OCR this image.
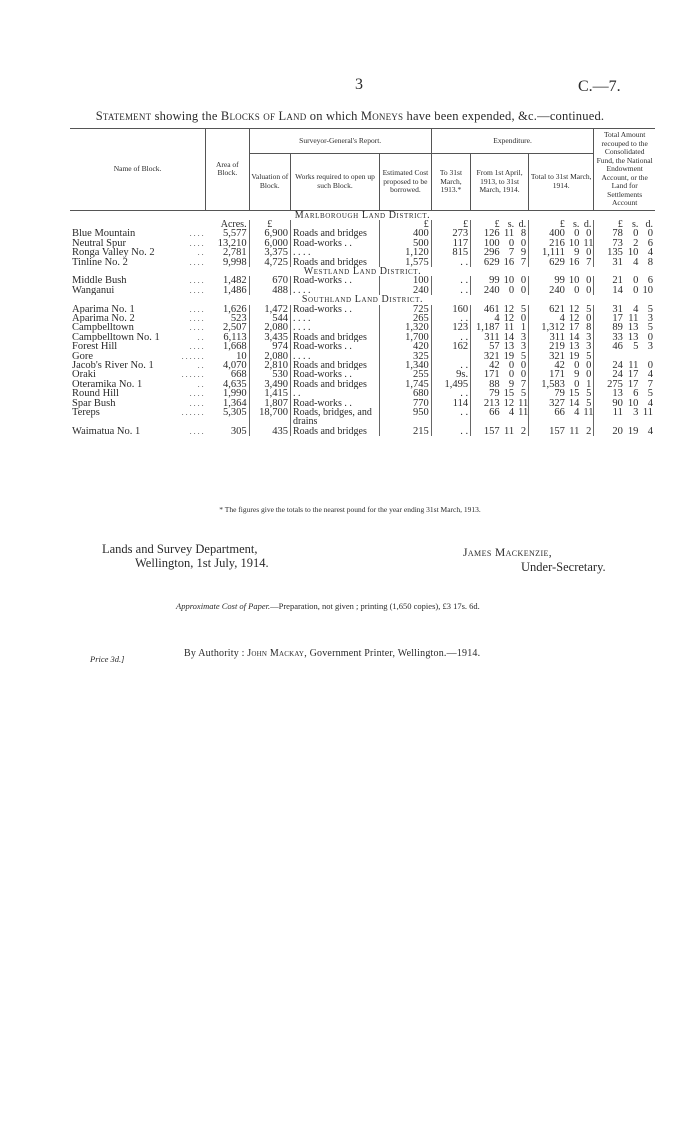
3	C.—7.
Statement showing the Blocks of Land on which Moneys have been expended, &c.—continued.
Name of Block.		Area of Block.	Surveyor-General's Report.			Expenditure.							Total Amount recouped to the Consolidated Fund, the National Endowment Account, or the Land for Settlements Account		
			Valuation of Block.	Works required to open up such Block.	Estimated Cost proposed to be borrowed.	To 31st March, 1913.*	From 1st April, 1913, to 31st March, 1914.			Total to 31st March, 1914.					
Marlborough Land District.															
		Acres.	£		£	£	£	s.	d.	£	s.	d.	£	s.	d.
Blue Mountain	. . . .	5,577	6,900	Roads and bridges	400	273	126	11	8	400	0	0	78	0	0
Neutral Spur	. . . .	13,210	6,000	Road-works . .	500	117	100	0	0	216	10	11	73	2	6
Ronga Valley No. 2	. .	2,781	3,375	. . . .	1,120	815	296	7	9	1,111	9	0	135	10	4
Tinline No. 2	. . . .	9,998	4,725	Roads and bridges	1,575	. .	629	16	7	629	16	7	31	4	8
Westland Land District.															
Middle Bush	. . . .	1,482	670	Road-works . .	100	. .	99	10	0	99	10	0	21	0	6
Wanganui	. . . .	1,486	488	. . . .	240	. .	240	0	0	240	0	0	14	0	10
Southland Land District.															
Aparima No. 1	. . . .	1,626	1,472	Road-works . .	725	160	461	12	5	621	12	5	31	4	5
Aparima No. 2	. . . .	523	544	. . . .	265	. .	4	12	0	4	12	0	17	11	3
Campbelltown	. . . .	2,507	2,080	. . . .	1,320	123	1,187	11	1	1,312	17	8	89	13	5
Campbelltown No. 1	. .	6,113	3,435	Roads and bridges	1,700	. .	311	14	3	311	14	3	33	13	0
Forest Hill	. . . .	1,668	974	Road-works . .	420	162	57	13	3	219	13	3	46	5	3
Gore	. . . . . .	10	2,080	. . . .	325		321	19	5	321	19	5			
Jacob's River No. 1	. .	4,070	2,810	Roads and bridges	1,340	. .	42	0	0	42	0	0	24	11	0
Oraki	. . . . . .	668	530	Road-works . .	255	9s.	171	0	0	171	9	0	24	17	4
Oteramika No. 1	. .	4,635	3,490	Roads and bridges	1,745	1,495	88	9	7	1,583	0	1	275	17	7
Round Hill	. . . .	1,990	1,415	. .	680	. .	79	15	5	79	15	5	13	6	5
Spar Bush	. . . .	1,364	1,807	Road-works . .	770	114	213	12	11	327	14	5	90	10	4
Tereps	. . . . . .	5,305	18,700	Roads, bridges, and drains	950	. .	66	4	11	66	4	11	11	3	11
Waimatua No. 1	. . . .	305	435	Roads and bridges	215	. .	157	11	2	157	11	2	20	19	4
* The figures give the totals to the nearest pound for the year ending 31st March, 1913.
Lands and Survey Department,
Wellington, 1st July, 1914.
James Mackenzie,
Under-Secretary.
Approximate Cost of Paper.—Preparation, not given ; printing (1,650 copies), £3 17s. 6d.
Price 3d.]	By Authority : John Mackay, Government Printer, Wellington.—1914.
